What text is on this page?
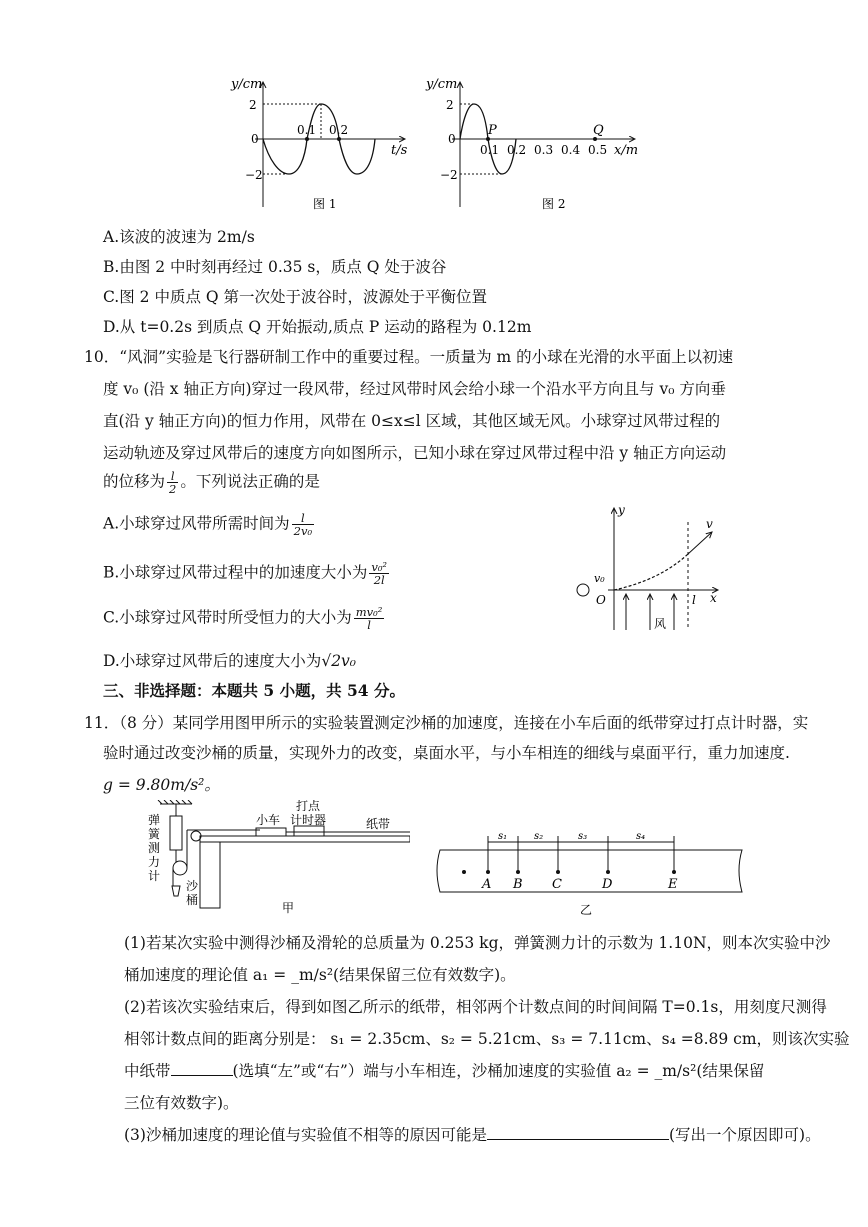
y/cm
t/s
2
−2
0
0.1 0.2
图 1
y/cm
x/m
2
−2
0
0.1 0.2 0.3 0.4 0.5
P	Q
图 2
A.该波的波速为 2m/s
B.由图 2 中时刻再经过 0.35 s，质点 Q 处于波谷
C.图 2 中质点 Q 第一次处于波谷时，波源处于平衡位置
D.从 t=0.2s 到质点 Q 开始振动,质点 P 运动的路程为 0.12m
10．“风洞”实验是飞行器研制工作中的重要过程。一质量为 m 的小球在光滑的水平面上以初速
度 v₀ (沿 x 轴正方向)穿过一段风带，经过风带时风会给小球一个沿水平方向且与 v₀ 方向垂
直(沿 y 轴正方向)的恒力作用，风带在 0≤x≤l 区域，其他区域无风。小球穿过风带过程的
运动轨迹及穿过风带后的速度方向如图所示，已知小球在穿过风带过程中沿 y 轴正方向运动
的位移为 $\frac{l}{2}$ 。下列说法正确的是
A.小球穿过风带所需时间为 $\frac{l}{\text{2v₀}}$
B.小球穿过风带过程中的加速度大小为 $\frac{\text{v₀²}}{2l}$
C.小球穿过风带时所受恒力的大小为 $\frac{\text{mv₀²}}{l}$
D.小球穿过风带后的速度大小为√2v₀
y
x
O
v₀
v
l
风
三、非选择题：本题共 5 小题，共 54 分。
11．（8 分）某同学用图甲所示的实验装置测定沙桶的加速度，连接在小车后面的纸带穿过打点计时器，实
验时通过改变沙桶的质量，实现外力的改变，桌面水平，与小车相连的细线与桌面平行，重力加速度.
g = 9.80m/s²。
弹
簧
测
力
计
沙
桶
小车
打点
计时器	纸带
甲
s₁	s₂	s₃	s₄
A B C	D	E
乙
(1)若某次实验中测得沙桶及滑轮的总质量为 0.253 kg，弹簧测力计的示数为 1.10N，则本次实验中沙
桶加速度的理论值 a₁ = _m/s²(结果保留三位有效数字)。
(2)若该次实验结束后，得到如图乙所示的纸带，相邻两个计数点间的时间间隔 T=0.1s，用刻度尺测得
相邻计数点间的距离分别是： s₁ = 2.35cm、s₂ = 5.21cm、s₃ = 7.11cm、s₄ =8.89 cm，则该次实验
中纸带	(选填“左”或“右”）端与小车相连，沙桶加速度的实验值 a₂ = _m/s²(结果保留
三位有效数字)。
(3)沙桶加速度的理论值与实验值不相等的原因可能是	(写出一个原因即可)。
